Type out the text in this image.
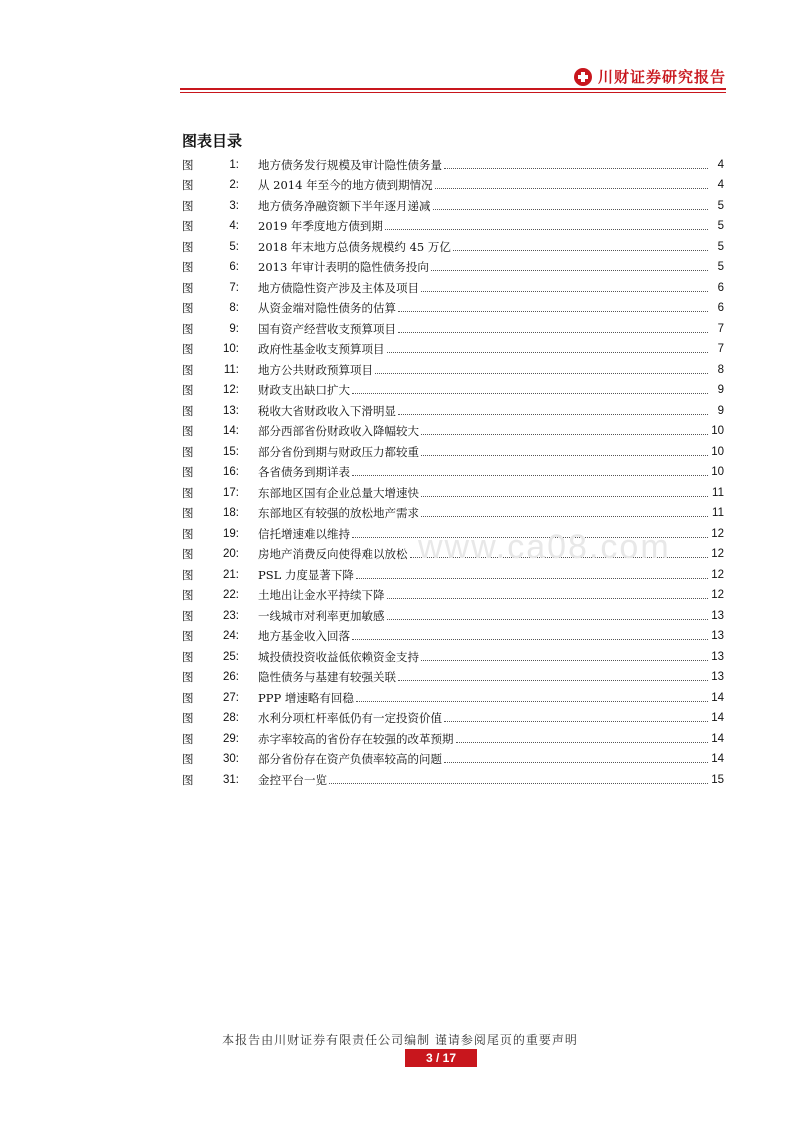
川财证券研究报告
图表目录
图	1:	地方债务发行规模及审计隐性债务量	4
图	2:	从 2014 年至今的地方债到期情况	4
图	3:	地方债务净融资额下半年逐月递减	5
图	4:	2019 年季度地方债到期	5
图	5:	2018 年末地方总债务规模约 45 万亿	5
图	6:	2013 年审计表明的隐性债务投向	5
图	7:	地方债隐性资产涉及主体及项目	6
图	8:	从资金端对隐性债务的估算	6
图	9:	国有资产经营收支预算项目	7
图	10:	政府性基金收支预算项目	7
图	11:	地方公共财政预算项目	8
图	12:	财政支出缺口扩大	9
图	13:	税收大省财政收入下滑明显	9
图	14:	部分西部省份财政收入降幅较大	10
图	15:	部分省份到期与财政压力都较重	10
图	16:	各省债务到期详表	10
图	17:	东部地区国有企业总量大增速快	11
图	18:	东部地区有较强的放松地产需求	11
图	19:	信托增速难以维持	12
图	20:	房地产消费反向使得难以放松	12
图	21:	PSL 力度显著下降	12
图	22:	土地出让金水平持续下降	12
图	23:	一线城市对利率更加敏感	13
图	24:	地方基金收入回落	13
图	25:	城投债投资收益低依赖资金支持	13
图	26:	隐性债务与基建有较强关联	13
图	27:	PPP 增速略有回稳	14
图	28:	水利分项杠杆率低仍有一定投资价值	14
图	29:	赤字率较高的省份存在较强的改革预期	14
图	30:	部分省份存在资产负债率较高的问题	14
图	31:	金控平台一览	15
www.ca08.com
本报告由川财证券有限责任公司编制 谨请参阅尾页的重要声明
3 / 17
